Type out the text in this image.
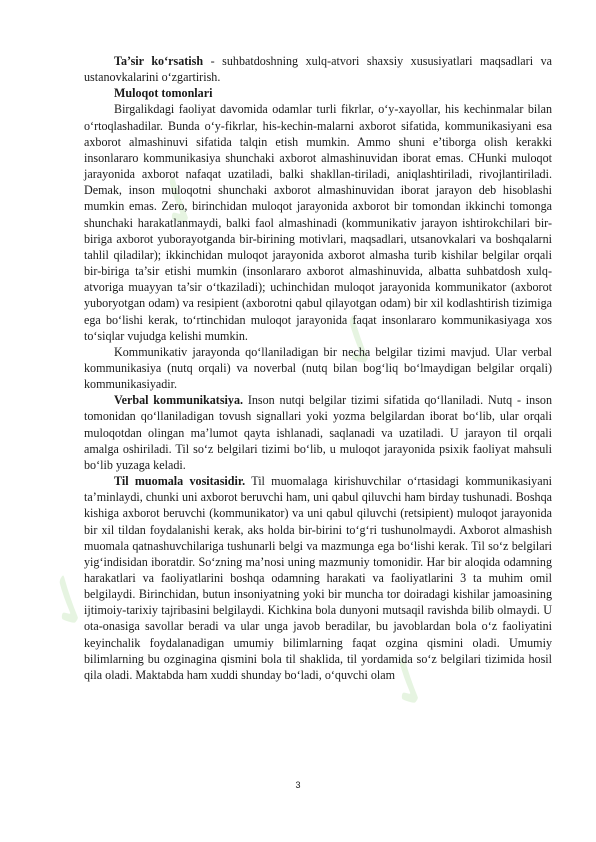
✓
✓
✓
✓

Ta’sir ko‘rsatish - suhbatdoshning xulq-atvori shaxsiy xususiyatlari maqsadlari va ustanovkalarini o‘zgartirish.

Muloqot tomonlari

Birgalikdagi faoliyat davomida odamlar turli fikrlar, o‘y-xayollar, his kechinmalar bilan o‘rtoqlashadilar. Bunda o‘y-fikrlar, his-kechin-malarni axborot sifatida, kommunikasiyani esa axborot almashinuvi sifatida talqin etish mumkin. Ammo shuni e’tiborga olish kerakki insonlararo kommunikasiya shunchaki axborot almashinuvidan iborat emas. CHunki muloqot jarayonida axborot nafaqat uzatiladi, balki shakllan-tiriladi, aniqlashtiriladi, rivojlantiriladi. Demak, inson muloqotni shunchaki axborot almashinuvidan iborat jarayon deb hisoblashi mumkin emas. Zero, birinchidan muloqot jarayonida axborot bir tomondan ikkinchi tomonga shunchaki harakatlanmaydi, balki faol almashinadi (kommunikativ jarayon ishtirokchilari bir-biriga axborot yuborayotganda bir-birining motivlari, maqsadlari, utsanovkalari va boshqalarni tahlil qiladilar); ikkinchidan muloqot jarayonida axborot almasha turib kishilar belgilar orqali bir-biriga ta’sir etishi mumkin (insonlararo axborot almashinuvida, albatta suhbatdosh xulq-atvoriga muayyan ta’sir o‘tkaziladi); uchinchidan muloqot jarayonida kommunikator (axborot yuboryotgan odam) va resipient (axborotni qabul qilayotgan odam) bir xil kodlashtirish tizimiga ega bo‘lishi kerak, to‘rtinchidan muloqot jarayonida faqat insonlararo kommunikasiyaga xos to‘siqlar vujudga kelishi mumkin.

Kommunikativ jarayonda qo‘llaniladigan bir necha belgilar tizimi mavjud. Ular verbal kommunikasiya (nutq orqali) va noverbal (nutq bilan bog‘liq bo‘lmaydigan belgilar orqali) kommunikasiyadir.

Verbal kommunikatsiya. Inson nutqi belgilar tizimi sifatida qo‘llaniladi. Nutq - inson tomonidan qo‘llaniladigan tovush signallari yoki yozma belgilardan iborat bo‘lib, ular orqali muloqotdan olingan ma’lumot qayta ishlanadi, saqlanadi va uzatiladi. U jarayon til orqali amalga oshiriladi. Til so‘z belgilari tizimi bo‘lib, u muloqot jarayonida psixik faoliyat mahsuli bo‘lib yuzaga keladi.

Til muomala vositasidir. Til muomalaga kirishuvchilar o‘rtasidagi kommunikasiyani ta’minlaydi, chunki uni axborot beruvchi ham, uni qabul qiluvchi ham birday tushunadi. Boshqa kishiga axborot beruvchi (kommunikator) va uni qabul qiluvchi (retsipient) muloqot jarayonida bir xil tildan foydalanishi kerak, aks holda bir-birini to‘g‘ri tushunolmaydi. Axborot almashish muomala qatnashuvchilariga tushunarli belgi va mazmunga ega bo‘lishi kerak. Til so‘z belgilari yig‘indisidan iboratdir. So‘zning ma’nosi uning mazmuniy tomonidir. Har bir aloqida odamning harakatlari va faoliyatlarini boshqa odamning harakati va faoliyatlarini 3 ta muhim omil belgilaydi. Birinchidan, butun insoniyatning yoki bir muncha tor doiradagi kishilar jamoasining ijtimoiy-tarixiy tajribasini belgilaydi. Kichkina bola dunyoni mutsaqil ravishda bilib olmaydi. U ota-onasiga savollar beradi va ular unga javob beradilar, bu javoblardan bola o‘z faoliyatini keyinchalik foydalanadigan umumiy bilimlarning faqat ozgina qismini oladi. Umumiy bilimlarning bu ozginagina qismini bola til shaklida, til yordamida so‘z belgilari tizimida hosil qila oladi. Maktabda ham xuddi shunday bo‘ladi, o‘quvchi olam

3
